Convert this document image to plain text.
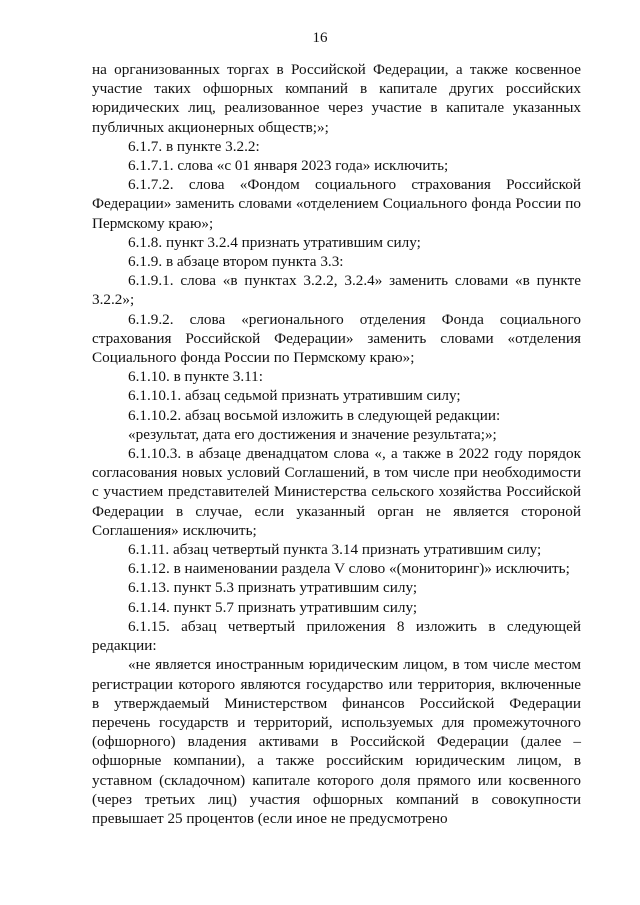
16

на организованных торгах в Российской Федерации, а также косвенное участие таких офшорных компаний в капитале других российских юридических лиц, реализованное через участие в капитале указанных публичных акционерных обществ;»;

6.1.7. в пункте 3.2.2:

6.1.7.1. слова «с 01 января 2023 года» исключить;

6.1.7.2. слова «Фондом социального страхования Российской Федерации» заменить словами «отделением Социального фонда России по Пермскому краю»;

6.1.8. пункт 3.2.4 признать утратившим силу;

6.1.9. в абзаце втором пункта 3.3:

6.1.9.1. слова «в пунктах 3.2.2, 3.2.4» заменить словами «в пункте 3.2.2»;

6.1.9.2. слова «регионального отделения Фонда социального страхования Российской Федерации» заменить словами «отделения Социального фонда России по Пермскому краю»;

6.1.10. в пункте 3.11:

6.1.10.1. абзац седьмой признать утратившим силу;

6.1.10.2. абзац восьмой изложить в следующей редакции:

«результат, дата его достижения и значение результата;»;

6.1.10.3. в абзаце двенадцатом слова «, а также в 2022 году порядок согласования новых условий Соглашений, в том числе при необходимости с участием представителей Министерства сельского хозяйства Российской Федерации в случае, если указанный орган не является стороной Соглашения» исключить;

6.1.11. абзац четвертый пункта 3.14 признать утратившим силу;

6.1.12. в наименовании раздела V слово «(мониторинг)» исключить;

6.1.13. пункт 5.3 признать утратившим силу;

6.1.14. пункт 5.7 признать утратившим силу;

6.1.15. абзац четвертый приложения 8 изложить в следующей редакции:

«не является иностранным юридическим лицом, в том числе местом регистрации которого являются государство или территория, включенные в утверждаемый Министерством финансов Российской Федерации перечень государств и территорий, используемых для промежуточного (офшорного) владения активами в Российской Федерации (далее – офшорные компании), а также российским юридическим лицом, в уставном (складочном) капитале которого доля прямого или косвенного (через третьих лиц) участия офшорных компаний в совокупности превышает 25 процентов (если иное не предусмотрено
